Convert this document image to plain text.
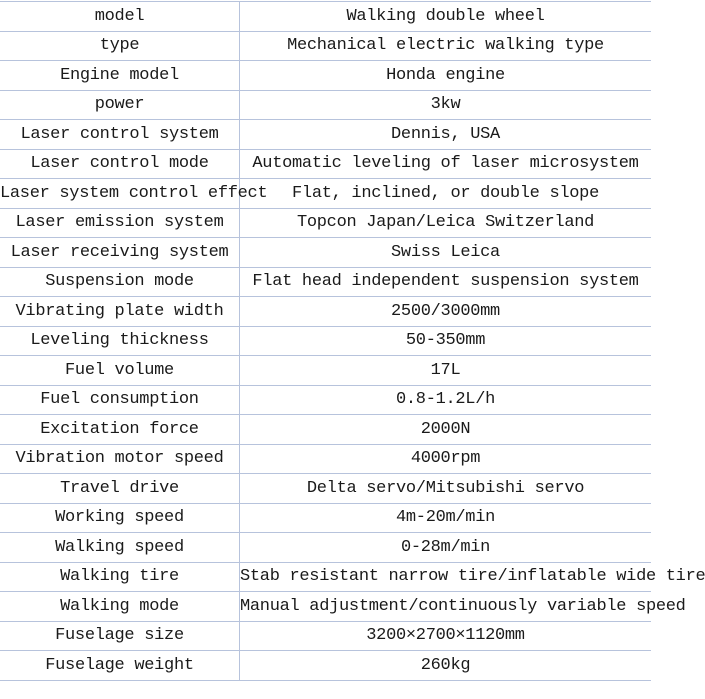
model	Walking double wheel
type	Mechanical electric walking type
Engine model	Honda engine
power	3kw
Laser control system	Dennis, USA
Laser control mode	Automatic leveling of laser microsystem
Laser system control effect	Flat, inclined, or double slope
Laser emission system	Topcon Japan/Leica Switzerland
Laser receiving system	Swiss Leica
Suspension mode	Flat head independent suspension system
Vibrating plate width	2500/3000mm
Leveling thickness	50-350mm
Fuel volume	17L
Fuel consumption	0.8-1.2L/h
Excitation force	2000N
Vibration motor speed	4000rpm
Travel drive	Delta servo/Mitsubishi servo
Working speed	4m-20m/min
Walking speed	0-28m/min
Walking tire	Stab resistant narrow tire/inflatable wide tire
Walking mode	Manual adjustment/continuously variable speed
Fuselage size	3200×2700×1120mm
Fuselage weight	260kg
